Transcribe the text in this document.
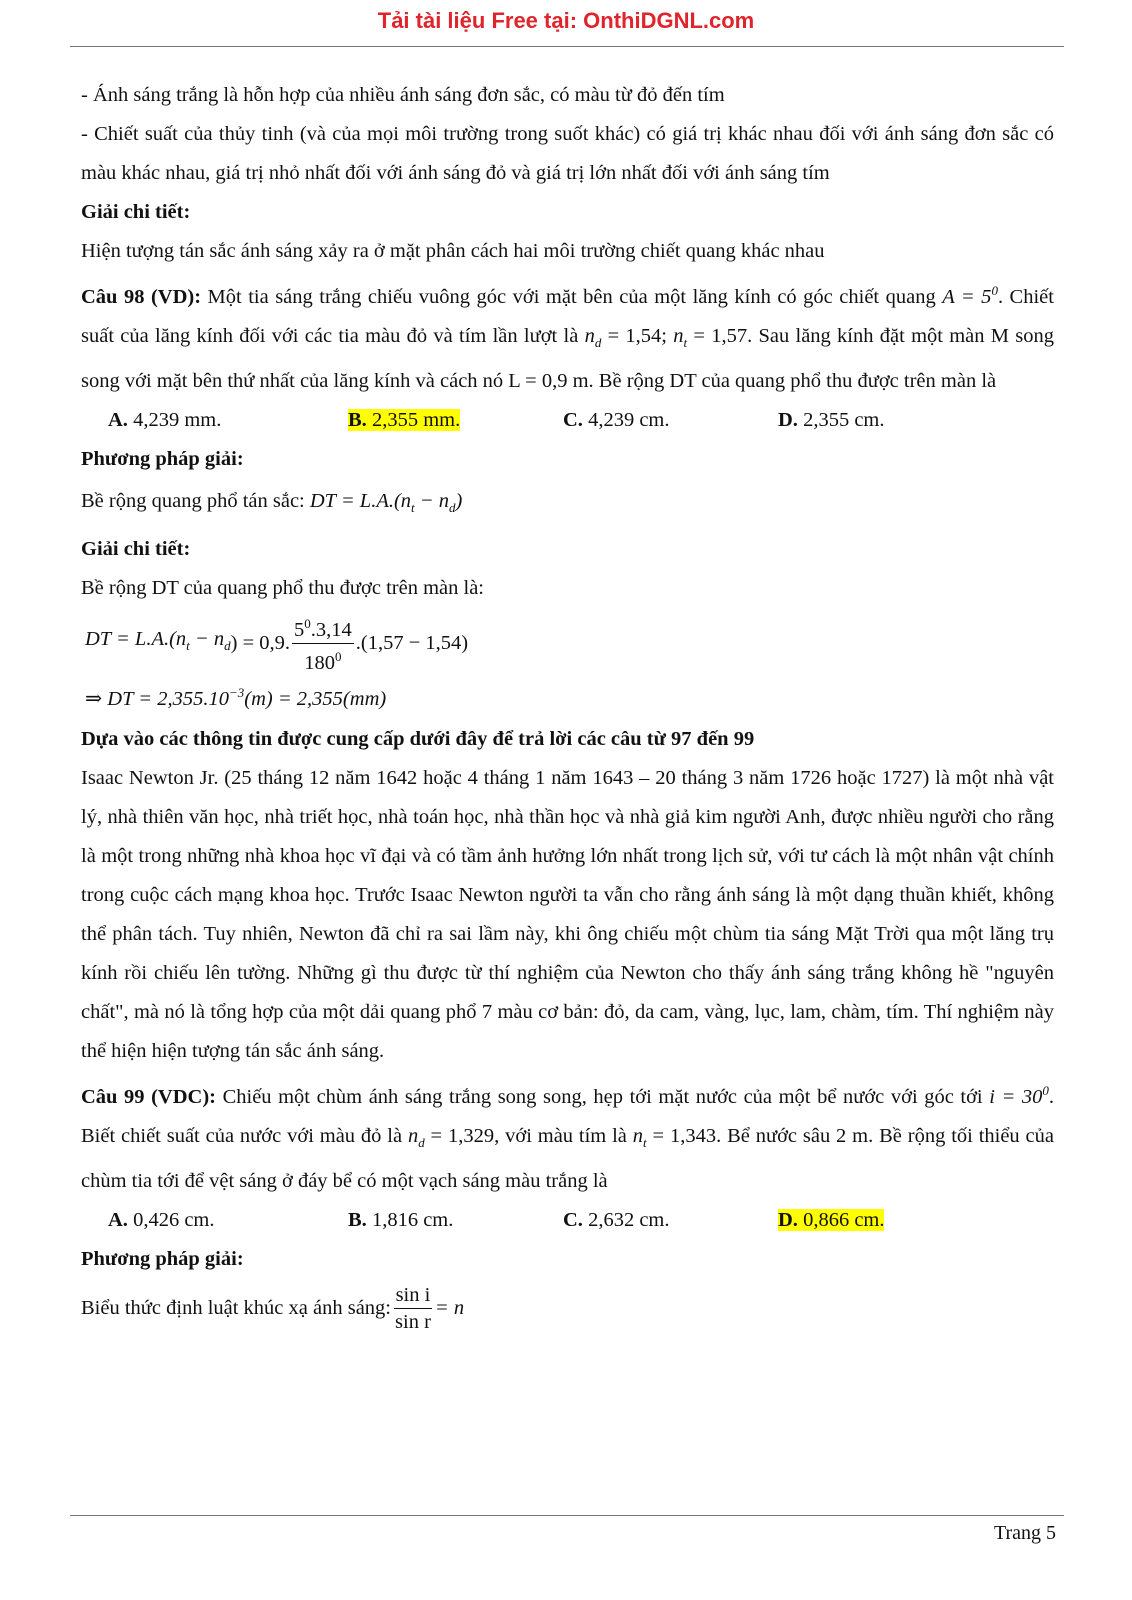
Tải tài liệu Free tại: OnthiDGNL.com

- Ánh sáng trắng là hỗn hợp của nhiều ánh sáng đơn sắc, có màu từ đỏ đến tím

- Chiết suất của thủy tinh (và của mọi môi trường trong suốt khác) có giá trị khác nhau đối với ánh sáng đơn sắc có màu khác nhau, giá trị nhỏ nhất đối với ánh sáng đỏ và giá trị lớn nhất đối với ánh sáng tím

Giải chi tiết:

Hiện tượng tán sắc ánh sáng xảy ra ở mặt phân cách hai môi trường chiết quang khác nhau

Câu 98 (VD): Một tia sáng trắng chiếu vuông góc với mặt bên của một lăng kính có góc chiết quang $A = 5^0$. Chiết suất của lăng kính đối với các tia màu đỏ và tím lần lượt là $n_d = 1,54$; $n_t = 1,57$. Sau lăng kính đặt một màn M song song với mặt bên thứ nhất của lăng kính và cách nó L = 0,9 m. Bề rộng DT của quang phổ thu được trên màn là

A. 4,239 mm.	B. 2,355 mm.	C. 4,239 cm.	D. 2,355 cm.

Phương pháp giải:

Bề rộng quang phổ tán sắc: DT = $L.A.(n_t - n_d)$

Giải chi tiết:

Bề rộng DT của quang phổ thu được trên màn là:

DT = $L.A.(n_t - n_d$ ) = 0,9. $\frac{5^0.3,14}{180^0} .(1,57 - 1,54)$
⇒ DT = $2,355.10^{-3}(m) = 2,355(mm)$

Dựa vào các thông tin được cung cấp dưới đây để trả lời các câu từ 97 đến 99

Isaac Newton Jr. (25 tháng 12 năm 1642 hoặc 4 tháng 1 năm 1643 – 20 tháng 3 năm 1726 hoặc 1727) là một nhà vật lý, nhà thiên văn học, nhà triết học, nhà toán học, nhà thần học và nhà giả kim người Anh, được nhiều người cho rằng là một trong những nhà khoa học vĩ đại và có tầm ảnh hưởng lớn nhất trong lịch sử, với tư cách là một nhân vật chính trong cuộc cách mạng khoa học. Trước Isaac Newton người ta vẫn cho rằng ánh sáng là một dạng thuần khiết, không thể phân tách. Tuy nhiên, Newton đã chỉ ra sai lầm này, khi ông chiếu một chùm tia sáng Mặt Trời qua một lăng trụ kính rồi chiếu lên tường. Những gì thu được từ thí nghiệm của Newton cho thấy ánh sáng trắng không hề "nguyên chất", mà nó là tổng hợp của một dải quang phổ 7 màu cơ bản: đỏ, da cam, vàng, lục, lam, chàm, tím. Thí nghiệm này thể hiện hiện tượng tán sắc ánh sáng.

Câu 99 (VDC): Chiếu một chùm ánh sáng trắng song song, hẹp tới mặt nước của một bể nước với góc tới $i = 30^0$. Biết chiết suất của nước với màu đỏ là $n_d = 1,329$, với màu tím là $n_t = 1,343$. Bể nước sâu 2 m. Bề rộng tối thiểu của chùm tia tới để vệt sáng ở đáy bể có một vạch sáng màu trắng là

A. 0,426 cm.	B. 1,816 cm.	C. 2,632 cm.	D. 0,866 cm.

Phương pháp giải:

Biểu thức định luật khúc xạ ánh sáng: $\frac{\text{sin i}}{\text{sin r}} = n$
Trang 5
